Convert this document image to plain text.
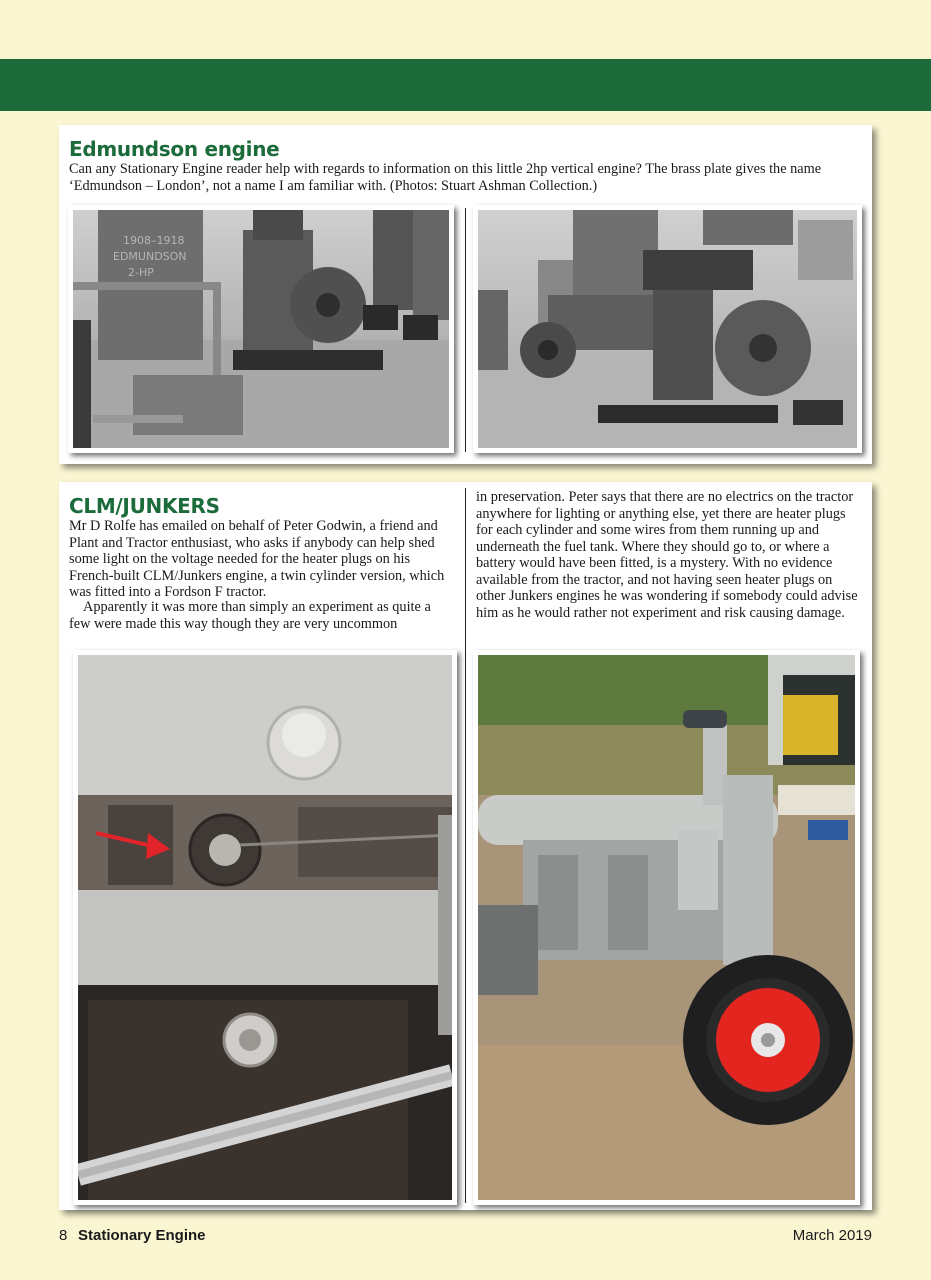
Edmundson engine

Can any Stationary Engine reader help with regards to information on this little 2hp vertical engine? The brass plate gives the name ‘Edmundson – London’, not a name I am familiar with. (Photos: Stuart Ashman Collection.)

1908–1918
EDMUNDSON
2-HP
CLM/JUNKERS

Mr D Rolfe has emailed on behalf of Peter Godwin, a friend and Plant and Tractor enthusiast, who asks if anybody can help shed some light on the voltage needed for the heater plugs on his French-built CLM/Junkers engine, a twin cylinder version, which was fitted into a Fordson F tractor.

Apparently it was more than simply an experiment as quite a few were made this way though they are very uncommon

in preservation. Peter says that there are no electrics on the tractor anywhere for lighting or anything else, yet there are heater plugs for each cylinder and some wires from them running up and underneath the fuel tank. Where they should go to, or where a battery would have been fitted, is a mystery. With no evidence available from the tractor, and not having seen heater plugs on other Junkers engines he was wondering if somebody could advise him as he would rather not experiment and risk causing damage.

8 Stationary Engine	March 2019
